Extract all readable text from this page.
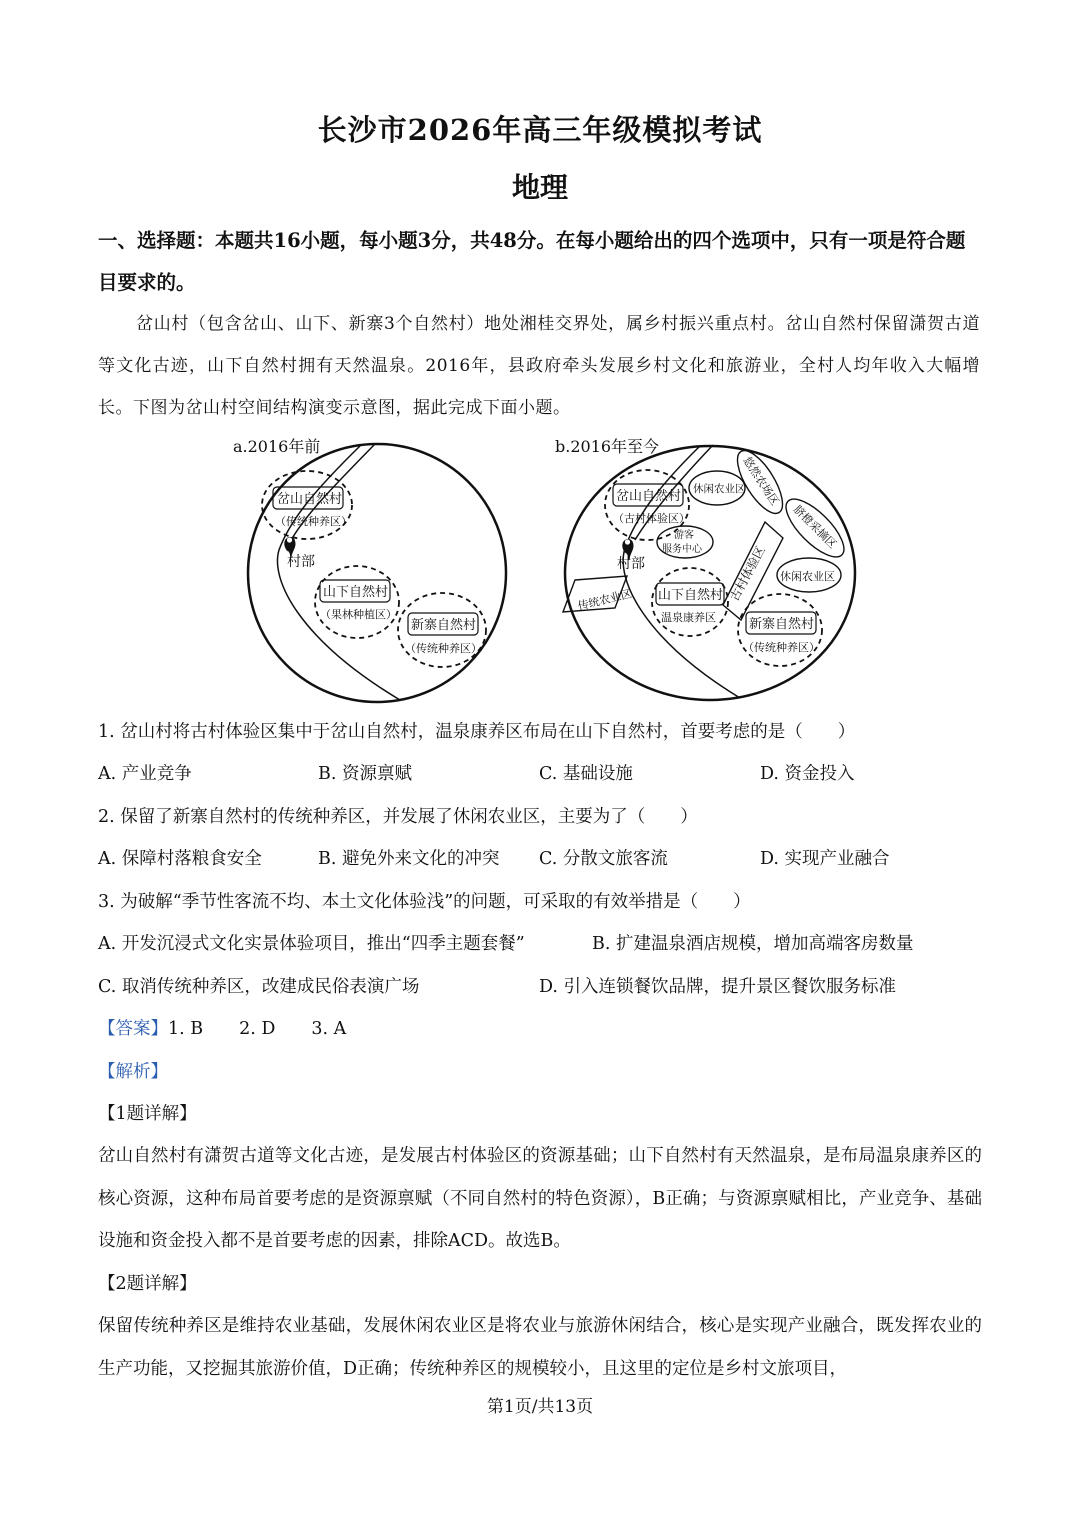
长沙市2026年高三年级模拟考试
地理
一、选择题：本题共16小题，每小题3分，共48分。在每小题给出的四个选项中，只有一项是符合题目要求的。
岔山村（包含岔山、山下、新寨3个自然村）地处湘桂交界处，属乡村振兴重点村。岔山自然村保留潇贺古道等文化古迹，山下自然村拥有天然温泉。2016年，县政府牵头发展乡村文化和旅游业，全村人均年收入大幅增长。下图为岔山村空间结构演变示意图，据此完成下面小题。
a.2016年前
岔山自然村
（传统种养区）
村部
山下自然村
（果林种植区）
新寨自然村
（传统种养区）
b.2016年至今
岔山自然村
（古村体验区）
休闲农业区
悠然农场区
脐橙采摘区
游客
服务中心
村部	古村体验区 休闲农业区
传统农业区 山下自然村
温泉康养区	新寨自然村
（传统种养区）
1. 岔山村将古村体验区集中于岔山自然村，温泉康养区布局在山下自然村，首要考虑的是（　　）
A. 产业竞争	B. 资源禀赋	C. 基础设施	D. 资金投入
2. 保留了新寨自然村的传统种养区，并发展了休闲农业区，主要为了（　　）
A. 保障村落粮食安全	B. 避免外来文化的冲突 C. 分散文旅客流	D. 实现产业融合
3. 为破解“季节性客流不均、本土文化体验浅”的问题，可采取的有效举措是（　　）
A. 开发沉浸式文化实景体验项目，推出“四季主题套餐”	B. 扩建温泉酒店规模，增加高端客房数量
C. 取消传统种养区，改建成民俗表演广场	D. 引入连锁餐饮品牌，提升景区餐饮服务标准
【答案】1. B 2. D 3. A
【解析】
【1题详解】
岔山自然村有潇贺古道等文化古迹，是发展古村体验区的资源基础；山下自然村有天然温泉，是布局温泉康养区的核心资源，这种布局首要考虑的是资源禀赋（不同自然村的特色资源），B正确；与资源禀赋相比，产业竞争、基础设施和资金投入都不是首要考虑的因素，排除ACD。故选B。
【2题详解】
保留传统种养区是维持农业基础，发展休闲农业区是将农业与旅游休闲结合，核心是实现产业融合，既发挥农业的生产功能，又挖掘其旅游价值，D正确；传统种养区的规模较小，且这里的定位是乡村文旅项目，
第1页/共13页
